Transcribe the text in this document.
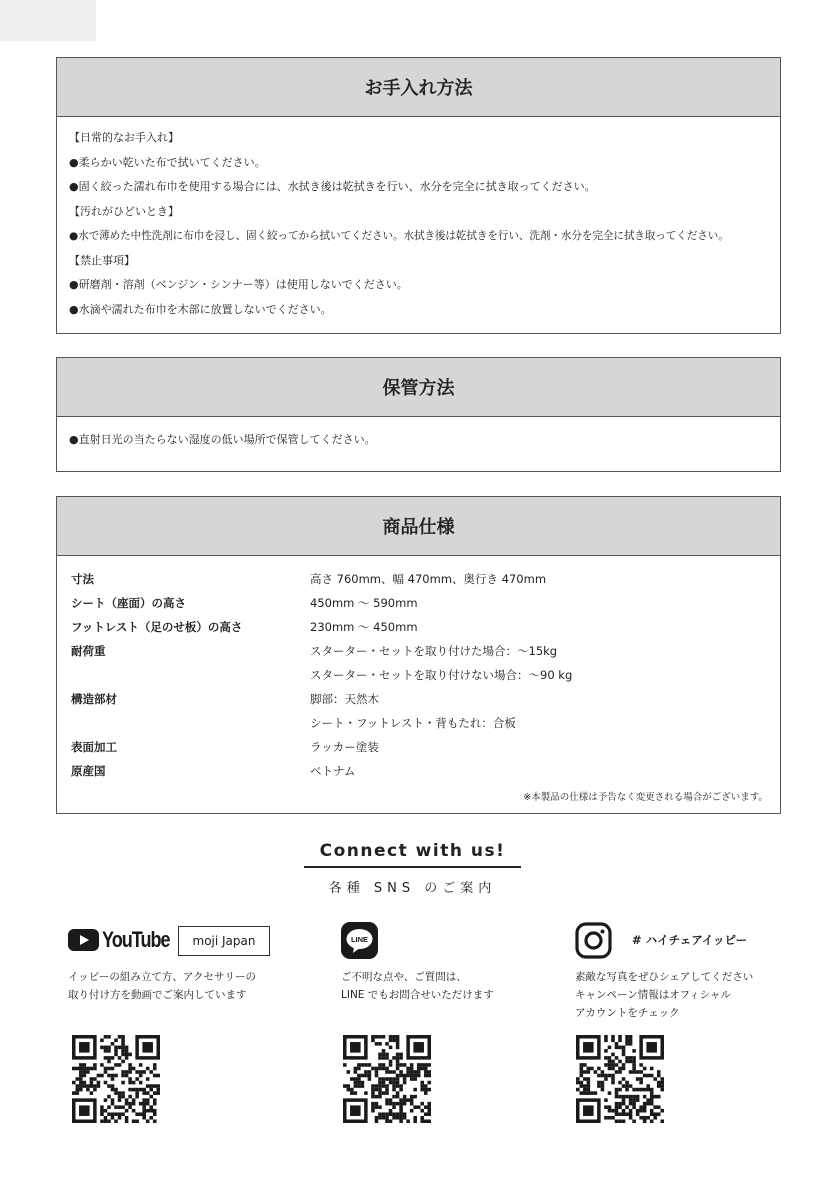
お手入れ方法
【日常的なお手入れ】
●柔らかい乾いた布で拭いてください。
●固く絞った濡れ布巾を使用する場合には、水拭き後は乾拭きを行い、水分を完全に拭き取ってください。
【汚れがひどいとき】
●水で薄めた中性洗剤に布巾を浸し、固く絞ってから拭いてください。水拭き後は乾拭きを行い、洗剤・水分を完全に拭き取ってください。
【禁止事項】
●研磨剤・溶剤（ベンジン・シンナー等）は使用しないでください。
●水滴や濡れた布巾を木部に放置しないでください。
保管方法
●直射日光の当たらない湿度の低い場所で保管してください。
商品仕様
寸法	高さ 760mm、幅 470mm、奥行き 470mm
シート（座面）の高さ	450mm ～ 590mm
フットレスト（足のせ板）の高さ	230mm ～ 450mm
耐荷重	スターター・セットを取り付けた場合：～15kg
スターター・セットを取り付けない場合：～90 kg
構造部材	脚部：天然木
シート・フットレスト・背もたれ：合板
表面加工	ラッカー塗装
原産国	ベトナム
※本製品の仕様は予告なく変更される場合がございます。
Connect with us!
各種 SNS のご案内
YouTube	moji Japan
イッピーの組み立て方、アクセサリーの
取り付け方を動画でご案内しています
LINE
ご不明な点や、ご質問は、
LINE でもお問合せいただけます
# ハイチェアイッピー
素敵な写真をぜひシェアしてください
キャンペーン情報はオフィシャル
アカウントをチェック
